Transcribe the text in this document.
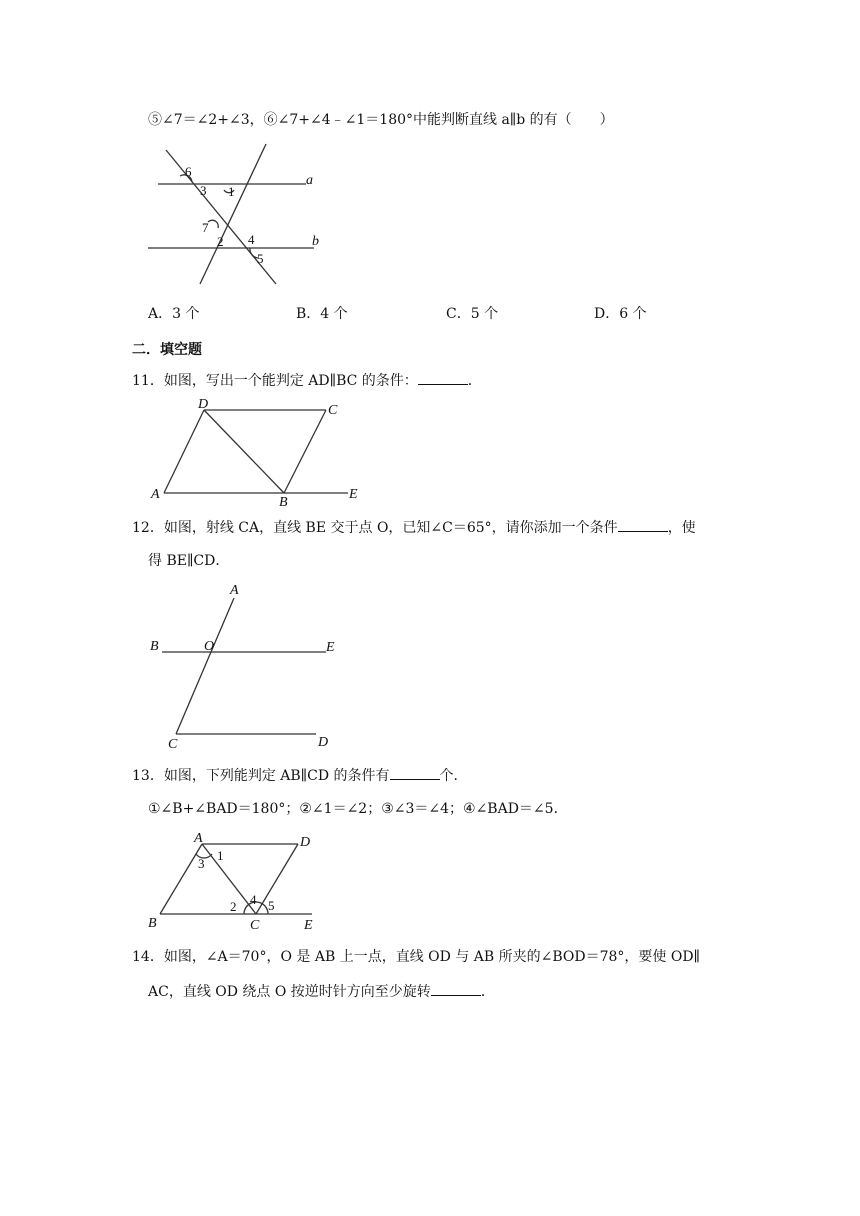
⑤∠7＝∠2+∠3，⑥∠7+∠4﹣∠1＝180°中能判断直线 a∥b 的有（　　）
6
3 1
a
7
2 4
5
b
A．3 个	B．4 个	C．5 个	D．6 个
二．填空题
11．如图，写出一个能判定 AD∥BC 的条件：	．
D	C
A
B
E
12．如图，射线 CA，直线 BE 交于点 O，已知∠C＝65°，请你添加一个条件	，使
得 BE∥CD．
A
B	O	E
C	D
13．如图，下列能判定 AB∥CD 的条件有	个．
①∠B+∠BAD＝180°；②∠1＝∠2；③∠3＝∠4；④∠BAD＝∠5．
A	D
B	C	E
1
3
2 4 5
14．如图，∠A＝70°，O 是 AB 上一点，直线 OD 与 AB 所夹的∠BOD＝78°，要使 OD∥
AC，直线 OD 绕点 O 按逆时针方向至少旋转	．
